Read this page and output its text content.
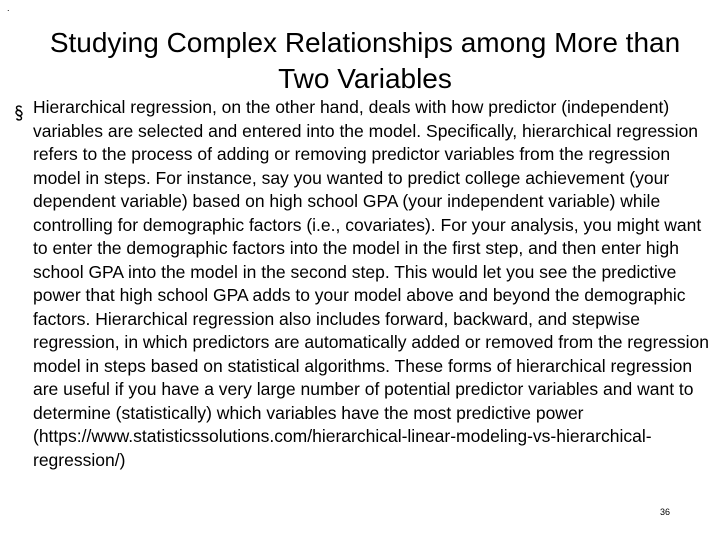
.
Studying Complex Relationships among More than Two Variables

Hierarchical regression, on the other hand, deals with how predictor (independent) variables are selected and entered into the model. Specifically, hierarchical regression refers to the process of adding or removing predictor variables from the regression model in steps. For instance, say you wanted to predict college achievement (your dependent variable) based on high school GPA (your independent variable) while controlling for demographic factors (i.e., covariates). For your analysis, you might want to enter the demographic factors into the model in the first step, and then enter high school GPA into the model in the second step. This would let you see the predictive power that high school GPA adds to your model above and beyond the demographic factors. Hierarchical regression also includes forward, backward, and stepwise regression, in which predictors are automatically added or removed from the regression model in steps based on statistical algorithms. These forms of hierarchical regression are useful if you have a very large number of potential predictor variables and want to determine (statistically) which variables have the most predictive power (https://www.statisticssolutions.com/hierarchical-linear-modeling-vs-hierarchical-regression/)

36
